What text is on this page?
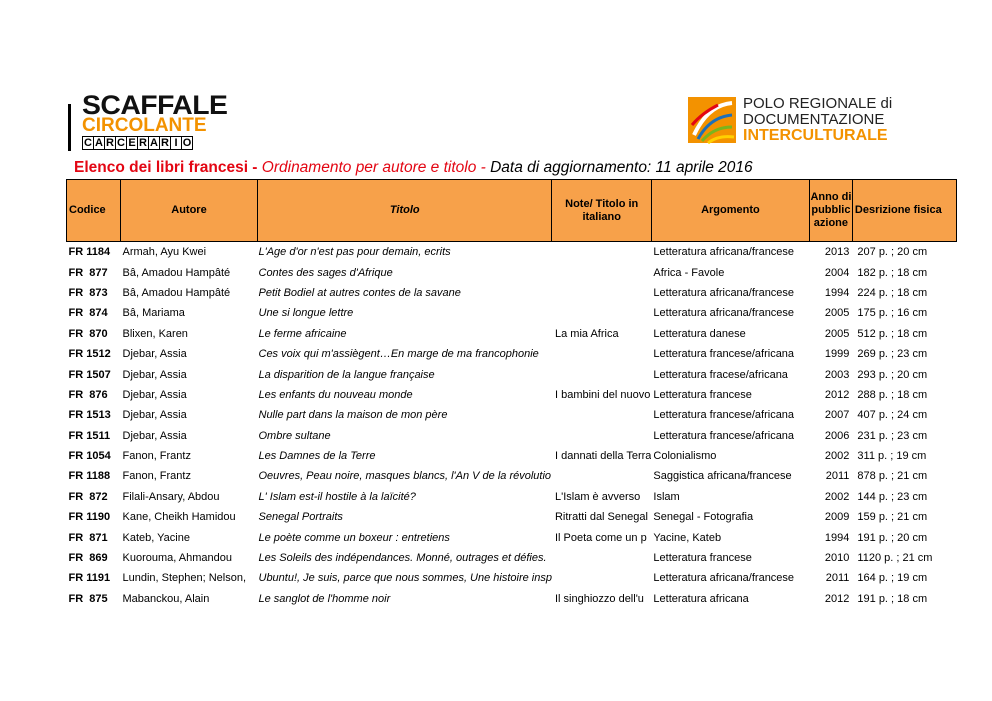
SCAFFALE
CIRCOLANTE
C A R C E R A R I O
POLO REGIONALE di
DOCUMENTAZIONE
INTERCULTURALE
Elenco dei libri francesi - Ordinamento per autore e titolo - Data di aggiornamento: 11 aprile 2016
Codice	Autore	Titolo	Note/ Titolo in italiano	Argomento	Anno di pubblic azione	Desrizione fisica
FR 1184	Armah, Ayu Kwei	L'Age d'or n'est pas pour demain, ecrits		Letteratura africana/francese	2013	207 p. ; 20 cm
FR  877	Bâ, Amadou Hampâté	Contes des sages d'Afrique		Africa - Favole	2004	182 p. ; 18 cm
FR  873	Bâ, Amadou Hampâté	Petit Bodiel at autres contes de la savane		Letteratura africana/francese	1994	224 p. ; 18 cm
FR  874	Bâ, Mariama	Une si longue lettre		Letteratura africana/francese	2005	175 p. ; 16 cm
FR  870	Blixen, Karen	Le ferme africaine	La mia Africa	Letteratura danese	2005	512 p. ; 18 cm
FR 1512	Djebar, Assia	Ces voix qui m'assiègent…En marge de ma francophonie		Letteratura francese/africana	1999	269 p. ; 23 cm
FR 1507	Djebar, Assia	La disparition de la langue française		Letteratura fracese/africana	2003	293 p. ; 20 cm
FR  876	Djebar, Assia	Les enfants du nouveau monde	I bambini del nuovo	Letteratura francese	2012	288 p. ; 18 cm
FR 1513	Djebar, Assia	Nulle part dans la maison de mon père		Letteratura francese/africana	2007	407 p. ; 24 cm
FR 1511	Djebar, Assia	Ombre sultane		Letteratura francese/africana	2006	231 p. ; 23 cm
FR 1054	Fanon, Frantz	Les Damnes de la Terre	I dannati della Terra	Colonialismo	2002	311 p. ; 19 cm
FR 1188	Fanon, Frantz	Oeuvres, Peau noire, masques blancs, l'An V de la révolutio		Saggistica africana/francese	2011	878 p. ; 21 cm
FR  872	Filali-Ansary, Abdou	L' Islam est-il hostile à la laïcité?	L'Islam è avverso	Islam	2002	144 p. ; 23 cm
FR 1190	Kane, Cheikh Hamidou	Senegal Portraits	Ritratti dal Senegal	Senegal - Fotografia	2009	159 p. ; 21 cm
FR  871	Kateb, Yacine	Le poète comme un boxeur : entretiens	Il Poeta come un p	Yacine, Kateb	1994	191 p. ; 20 cm
FR  869	Kuorouma, Ahmandou	Les Soleils des indépendances. Monné, outrages et défies.		Letteratura francese	2010	1120 p. ; 21 cm
FR 1191	Lundin, Stephen; Nelson,	Ubuntu!, Je suis, parce que nous sommes, Une histoire insp		Letteratura africana/francese	2011	164 p. ; 19 cm
FR  875	Mabanckou, Alain	Le sanglot de l'homme noir	Il singhiozzo dell'u	Letteratura africana	2012	191 p. ; 18 cm
